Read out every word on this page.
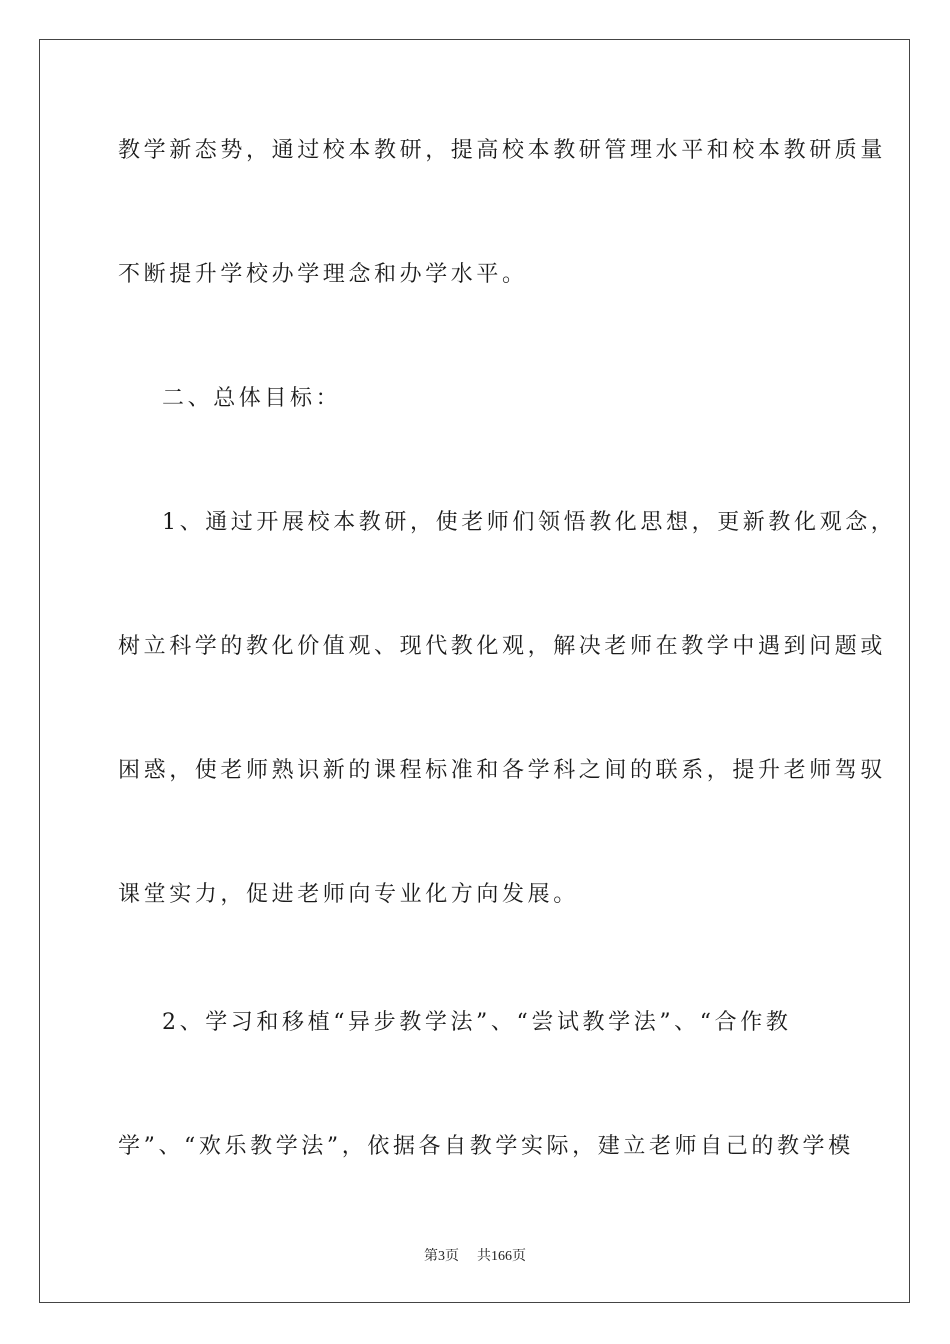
教学新态势，通过校本教研，提高校本教研管理水平和校本教研质量
不断提升学校办学理念和办学水平。
二、总体目标：
1、通过开展校本教研，使老师们领悟教化思想，更新教化观念，
树立科学的教化价值观、现代教化观，解决老师在教学中遇到问题或
困惑，使老师熟识新的课程标准和各学科之间的联系，提升老师驾驭
课堂实力，促进老师向专业化方向发展。
2、学习和移植“异步教学法”、“尝试教学法”、“合作教
学”、“欢乐教学法”，依据各自教学实际，建立老师自己的教学模
第3页 共166页
